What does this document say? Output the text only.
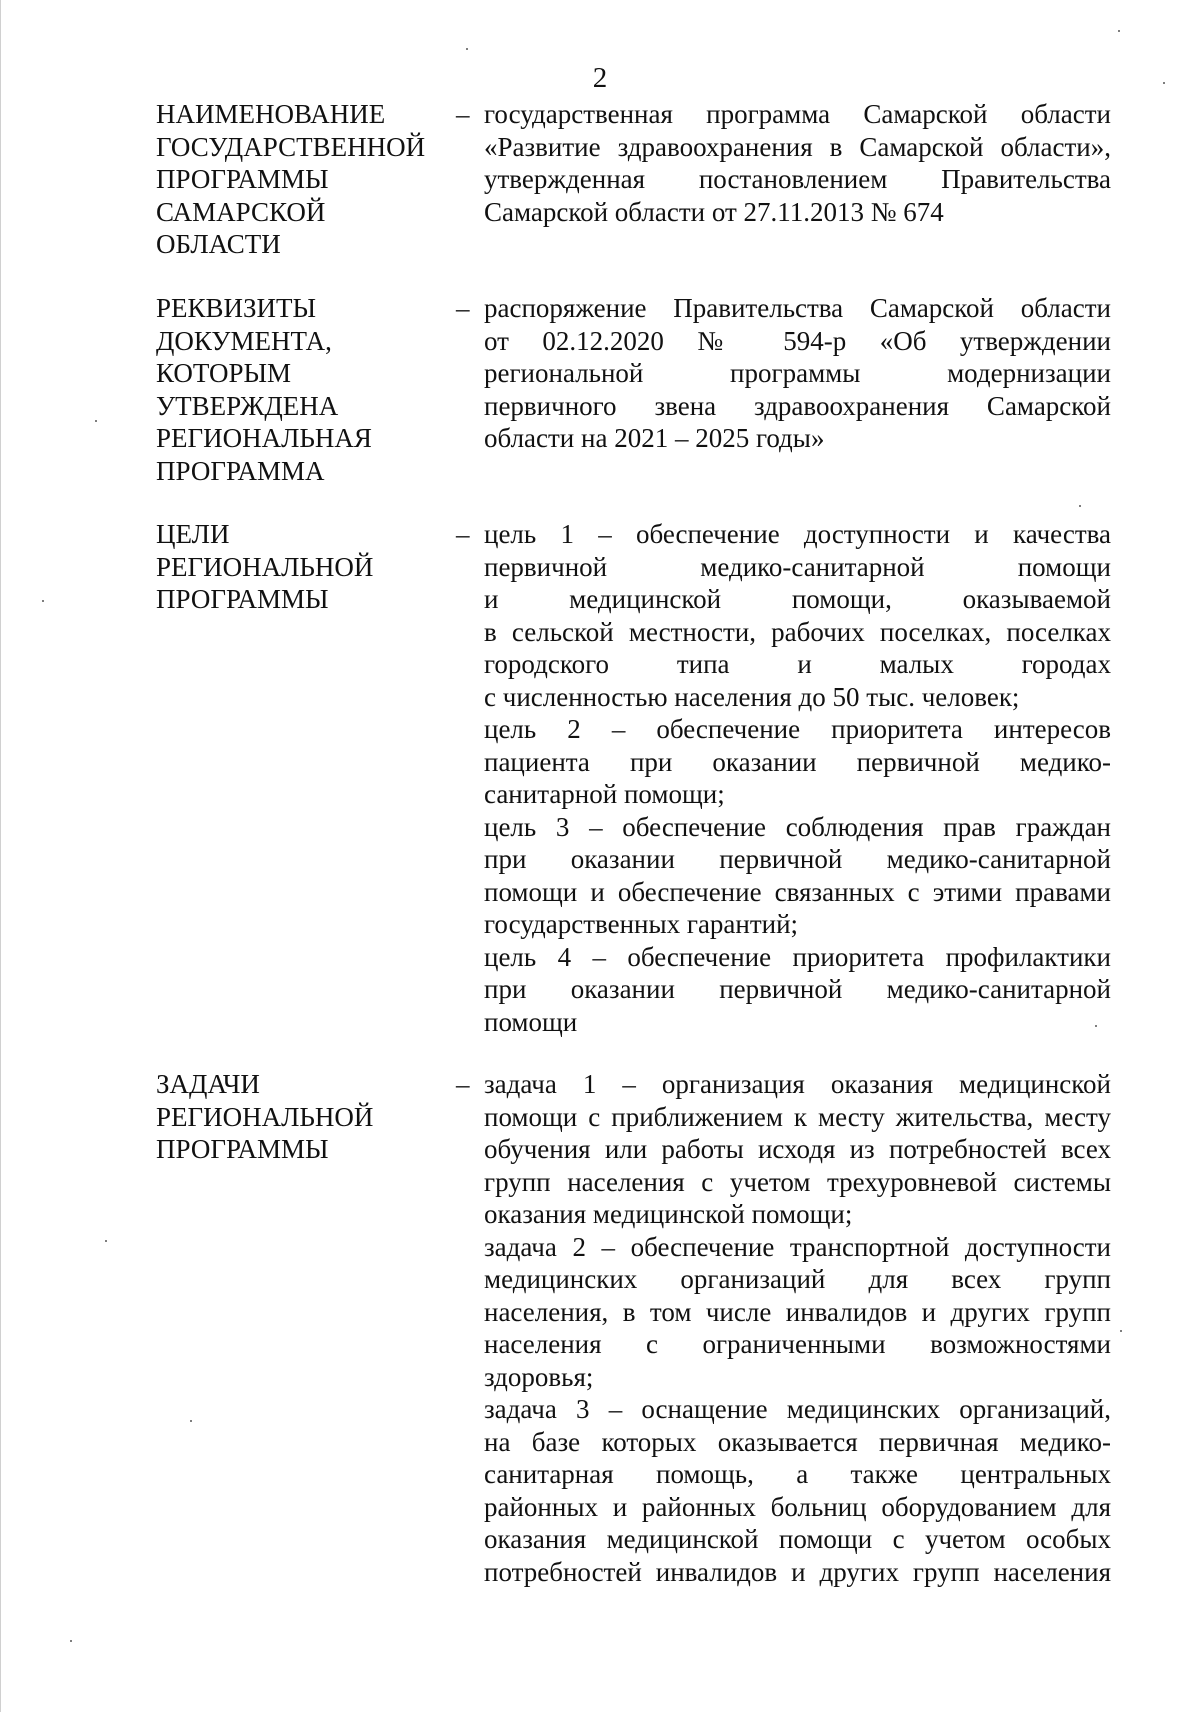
2
НАИМЕНОВАНИЕ
ГОСУДАРСТВЕННОЙ
ПРОГРАММЫ
САМАРСКОЙ
ОБЛАСТИ
– государственная программа Самарской области
«Развитие здравоохранения в Самарской области»,
утвержденная постановлением Правительства
Самарской области от 27.11.2013 № 674
РЕКВИЗИТЫ
ДОКУМЕНТА,
КОТОРЫМ
УТВЕРЖДЕНА
РЕГИОНАЛЬНАЯ
ПРОГРАММА
– распоряжение Правительства Самарской области
от 02.12.2020 № 594-р «Об утверждении
региональной программы модернизации
первичного звена здравоохранения Самарской
области на 2021 – 2025 годы»
ЦЕЛИ
РЕГИОНАЛЬНОЙ
ПРОГРАММЫ
– цель 1 – обеспечение доступности и качества
первичной медико-санитарной помощи
и медицинской помощи, оказываемой
в сельской местности, рабочих поселках, поселках
городского типа и малых городах
с численностью населения до 50 тыс. человек;
цель 2 – обеспечение приоритета интересов
пациента при оказании первичной медико-
санитарной помощи;
цель 3 – обеспечение соблюдения прав граждан
при оказании первичной медико-санитарной
помощи и обеспечение связанных с этими правами
государственных гарантий;
цель 4 – обеспечение приоритета профилактики
при оказании первичной медико-санитарной
помощи
ЗАДАЧИ
РЕГИОНАЛЬНОЙ
ПРОГРАММЫ
– задача 1 – организация оказания медицинской
помощи с приближением к месту жительства, месту
обучения или работы исходя из потребностей всех
групп населения с учетом трехуровневой системы
оказания медицинской помощи;
задача 2 – обеспечение транспортной доступности
медицинских организаций для всех групп
населения, в том числе инвалидов и других групп
населения с ограниченными возможностями
здоровья;
задача 3 – оснащение медицинских организаций,
на базе которых оказывается первичная медико-
санитарная помощь, а также центральных
районных и районных больниц оборудованием для
оказания медицинской помощи с учетом особых
потребностей инвалидов и других групп населения
